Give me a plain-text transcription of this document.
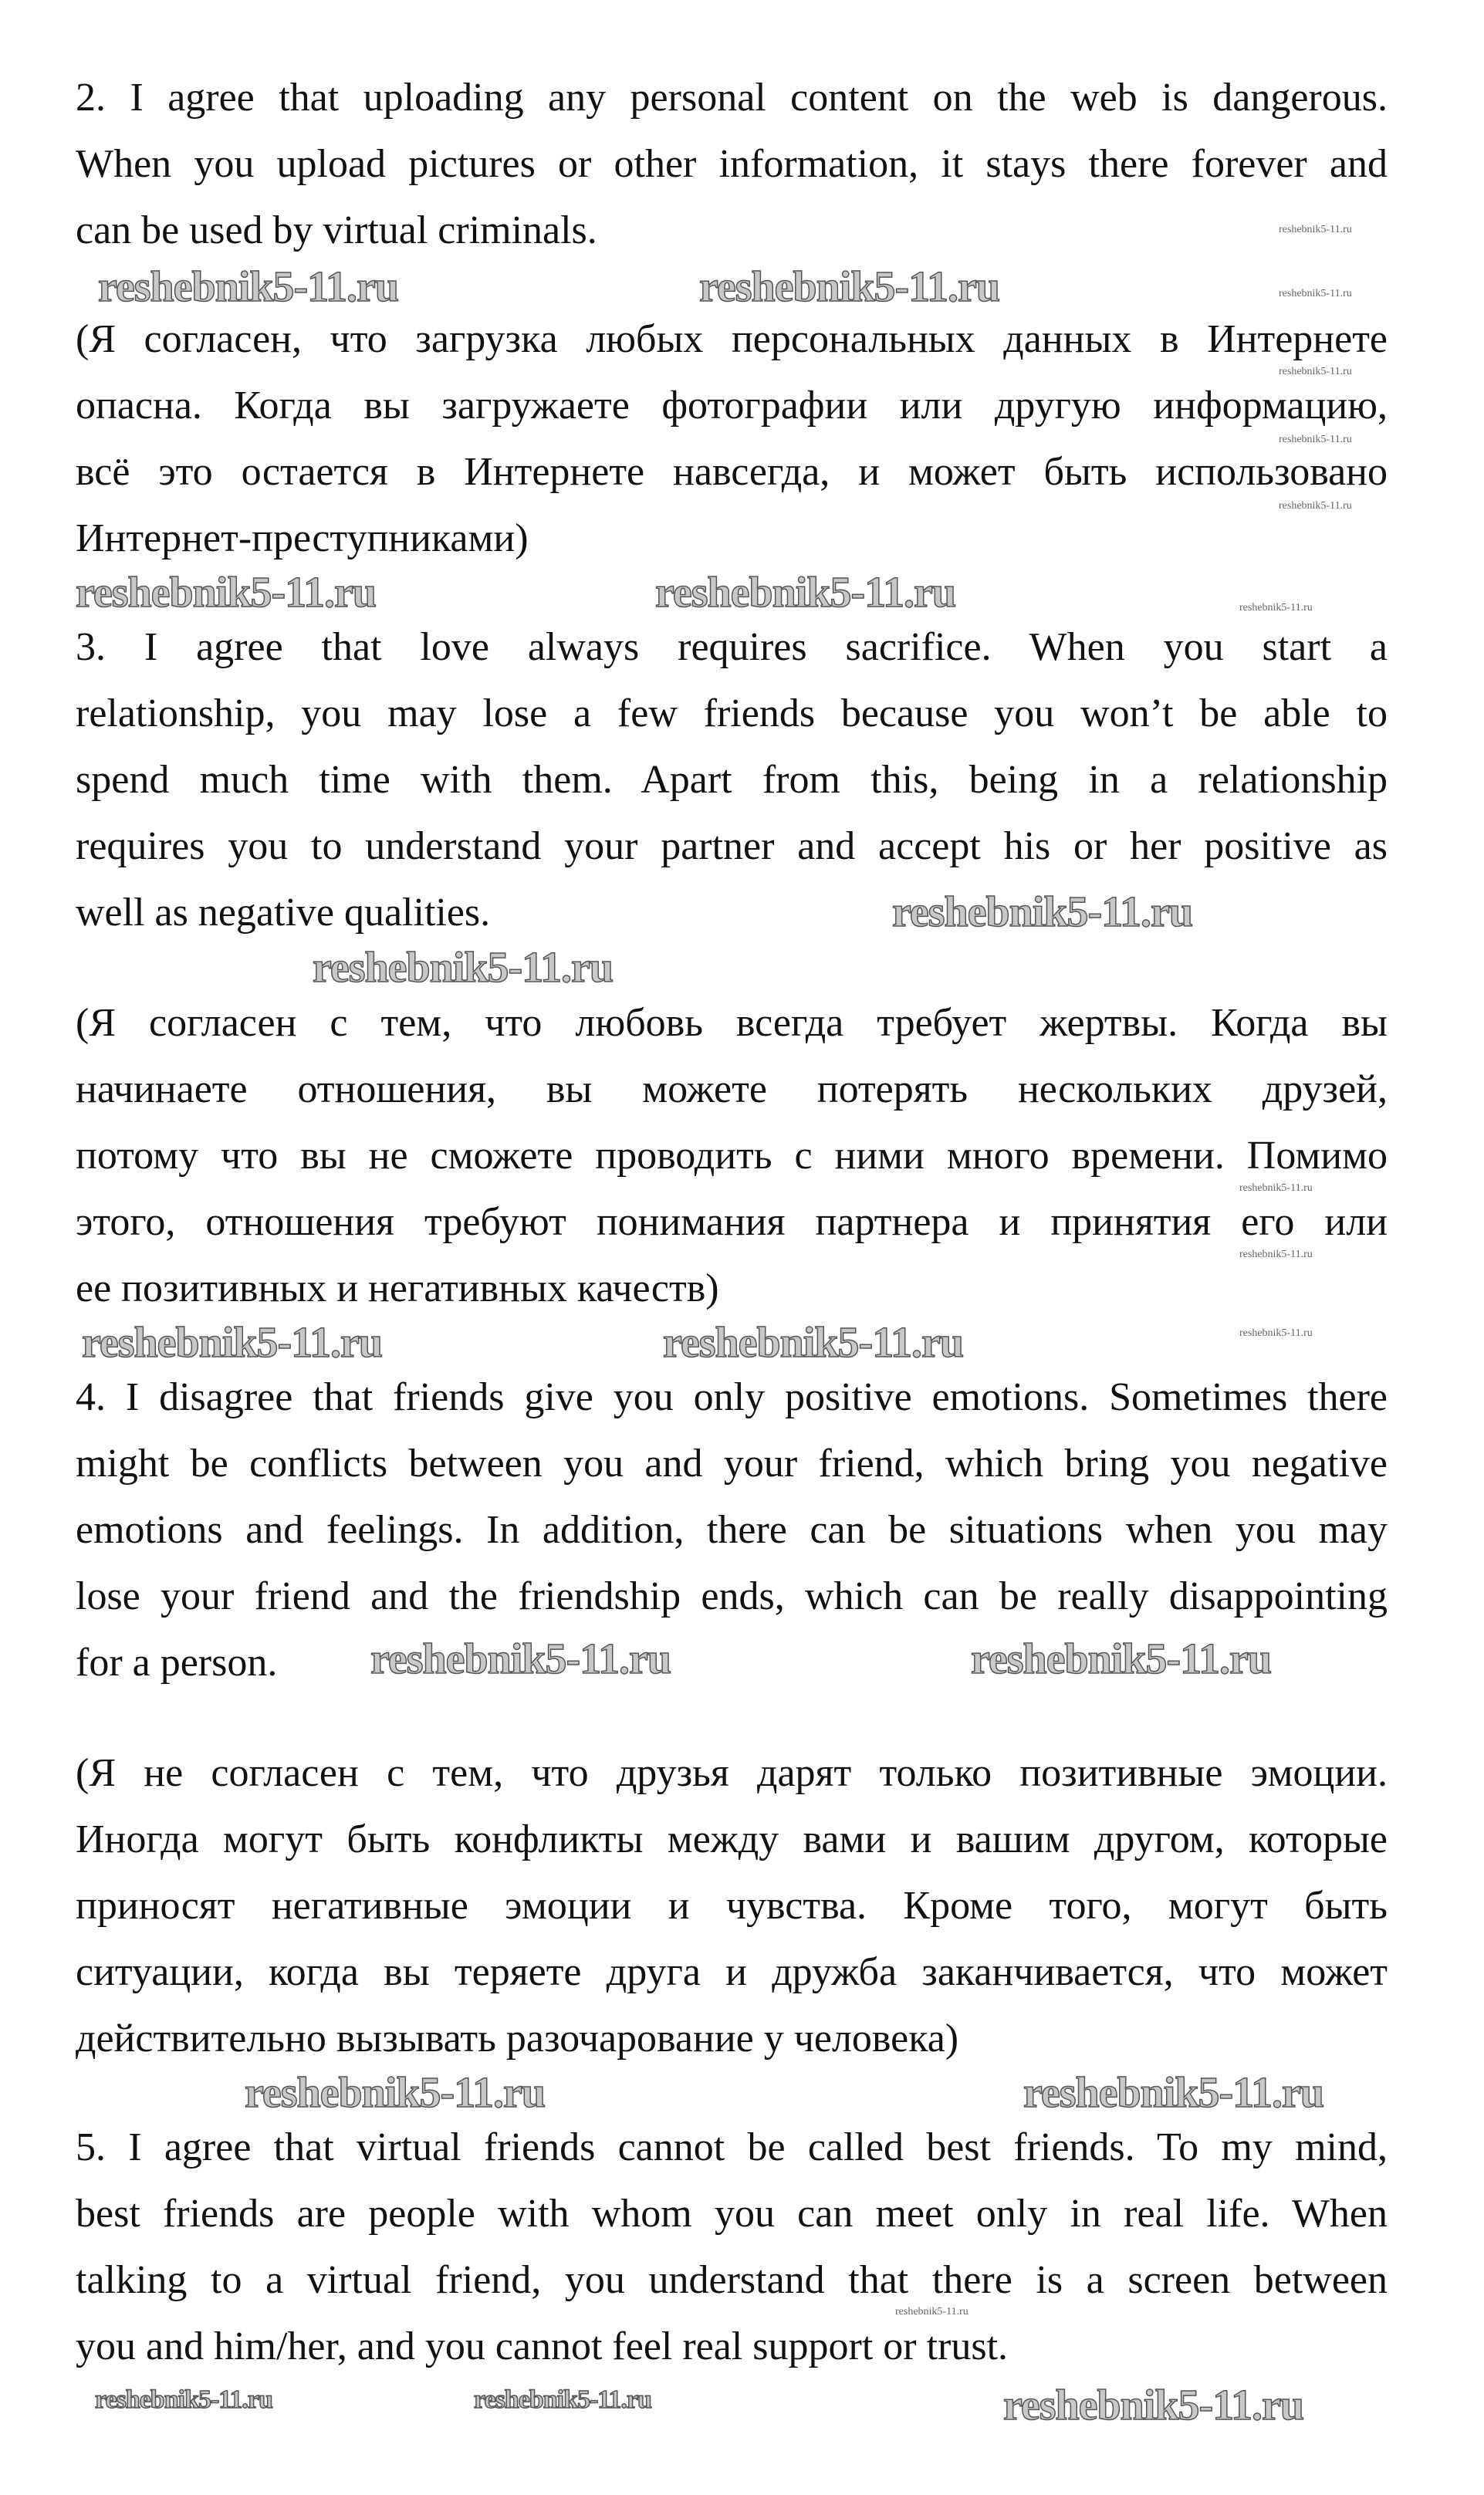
2. I agree that uploading any personal content on the web is dangerous.
When you upload pictures or other information, it stays there forever and
can be used by virtual criminals.
(Я согласен, что загрузка любых персональных данных в Интернете
опасна. Когда вы загружаете фотографии или другую информацию,
всё это остается в Интернете навсегда, и может быть использовано
Интернет-преступниками)
3. I agree that love always requires sacrifice. When you start a
relationship, you may lose a few friends because you won’t be able to
spend much time with them. Apart from this, being in a relationship
requires you to understand your partner and accept his or her positive as
well as negative qualities.
(Я согласен с тем, что любовь всегда требует жертвы. Когда вы
начинаете отношения, вы можете потерять нескольких друзей,
потому что вы не сможете проводить с ними много времени. Помимо
этого, отношения требуют понимания партнера и принятия его или
ее позитивных и негативных качеств)
4. I disagree that friends give you only positive emotions. Sometimes there
might be conflicts between you and your friend, which bring you negative
emotions and feelings. In addition, there can be situations when you may
lose your friend and the friendship ends, which can be really disappointing
for a person.
(Я не согласен с тем, что друзья дарят только позитивные эмоции.
Иногда могут быть конфликты между вами и вашим другом, которые
приносят негативные эмоции и чувства. Кроме того, могут быть
ситуации, когда вы теряете друга и дружба заканчивается, что может
действительно вызывать разочарование у человека)
5. I agree that virtual friends cannot be called best friends. To my mind,
best friends are people with whom you can meet only in real life. When
talking to a virtual friend, you understand that there is a screen between
you and him/her, and you cannot feel real support or trust.
reshebnik5-11.ru	reshebnik5-11.ru
reshebnik5-11.ru	reshebnik5-11.ru
reshebnik5-11.ru
reshebnik5-11.ru
reshebnik5-11.ru	reshebnik5-11.ru
reshebnik5-11.ru	reshebnik5-11.ru
reshebnik5-11.ru	reshebnik5-11.ru
reshebnik5-11.ru	reshebnik5-11.ru	reshebnik5-11.ru
reshebnik5-11.ru
reshebnik5-11.ru
reshebnik5-11.ru
reshebnik5-11.ru
reshebnik5-11.ru
reshebnik5-11.ru
reshebnik5-11.ru
reshebnik5-11.ru
reshebnik5-11.ru
reshebnik5-11.ru
